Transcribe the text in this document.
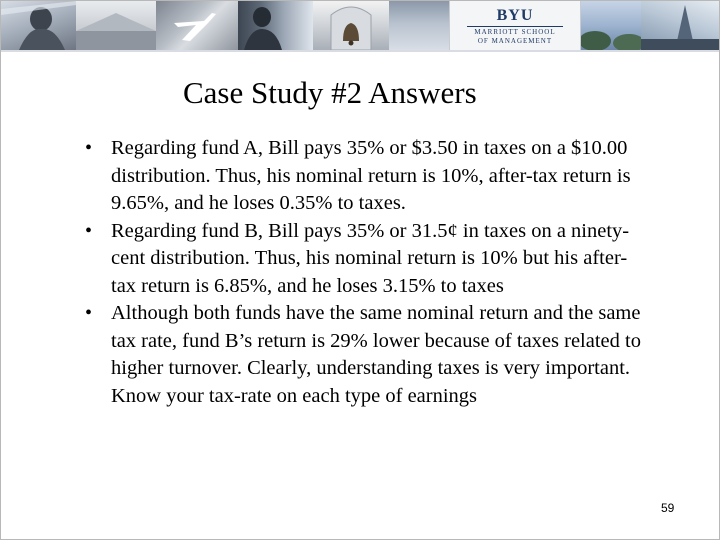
BYU
MARRIOTT SCHOOL
OF MANAGEMENT
Case Study #2 Answers
• Regarding fund A, Bill pays 35% or $3.50 in taxes on a $10.00 distribution. Thus, his nominal return is 10%, after-tax return is 9.65%, and he loses 0.35% to taxes.
• Regarding fund B, Bill pays 35% or 31.5¢ in taxes on a ninety-cent distribution. Thus, his nominal return is 10% but his after-tax return is 6.85%, and he loses 3.15% to taxes
• Although both funds have the same nominal return and the same tax rate, fund B’s return is 29% lower because of taxes related to higher turnover. Clearly, understanding taxes is very important. Know your tax-rate on each type of earnings
59
